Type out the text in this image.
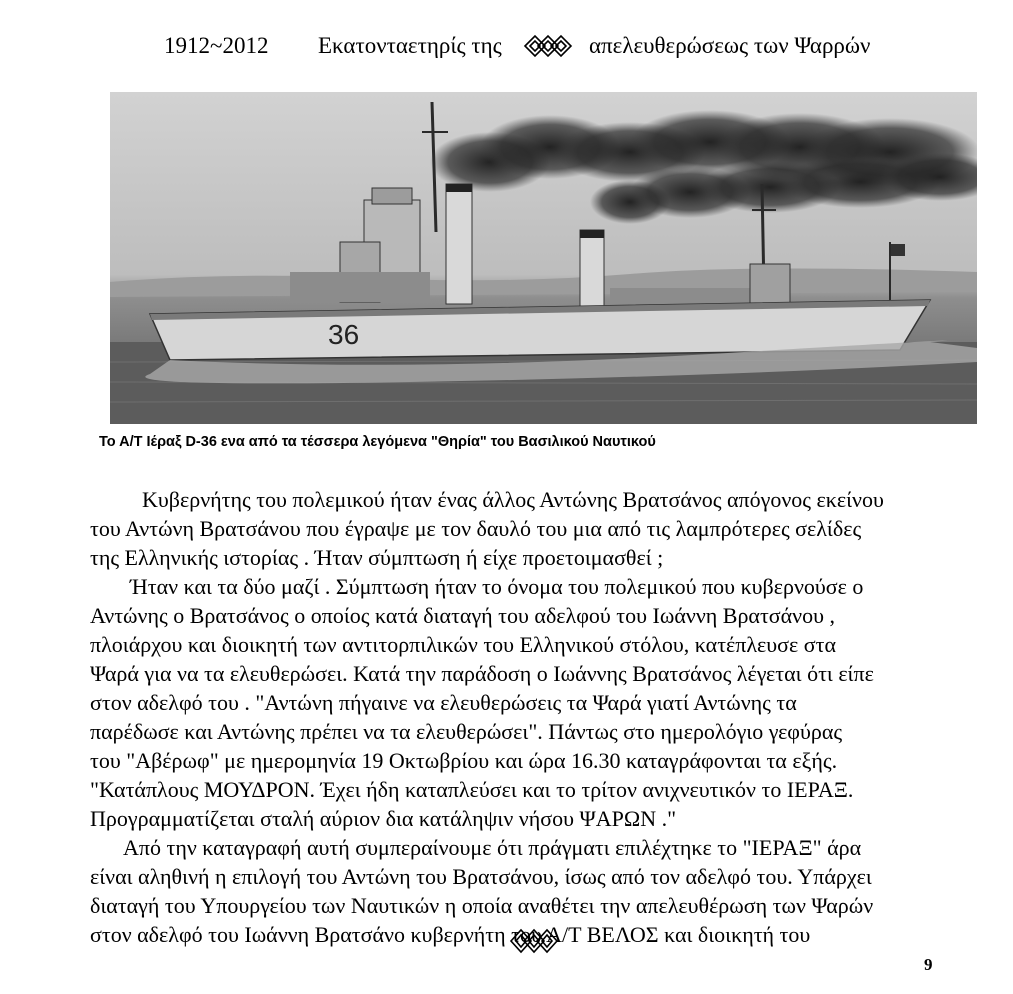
1912~2012 Εκατονταετηρίς της	απελευθερώσεως των Ψαρρών
36
Το Α/Τ Ιέραξ D-36 ενα από τα τέσσερα λεγόμενα "Θηρία" του Βασιλικού Ναυτικού
Κυβερνήτης του πολεμικού ήταν ένας άλλος Αντώνης Βρατσάνος απόγονος εκείνου
του Αντώνη Βρατσάνου που έγραψε με τον δαυλό του μια από τις λαμπρότερες σελίδες
της Ελληνικής ιστορίας . Ήταν σύμπτωση ή είχε προετοιμασθεί ;
Ήταν και τα δύο μαζί . Σύμπτωση ήταν το όνομα του πολεμικού που κυβερνούσε ο
Αντώνης ο Βρατσάνος ο οποίος κατά διαταγή του αδελφού του Ιωάννη Βρατσάνου ,
πλοιάρχου και διοικητή των αντιτορπιλικών του Ελληνικού στόλου, κατέπλευσε στα
Ψαρά για να τα ελευθερώσει. Κατά την παράδοση ο Ιωάννης Βρατσάνος λέγεται ότι είπε
στον αδελφό του . "Αντώνη πήγαινε να ελευθερώσεις τα Ψαρά γιατί Αντώνης τα
παρέδωσε και Αντώνης πρέπει να τα ελευθερώσει". Πάντως στο ημερολόγιο γεφύρας
του "Αβέρωφ" με ημερομηνία 19 Οκτωβρίου και ώρα 16.30 καταγράφονται τα εξής.
"Κατάπλους ΜΟΥΔΡΟΝ. Έχει ήδη καταπλεύσει και το τρίτον ανιχνευτικόν το ΙΕΡΑΞ.
Προγραμματίζεται σταλή αύριον δια κατάληψιν νήσου ΨΑΡΩΝ ."
Από την καταγραφή αυτή συμπεραίνουμε ότι πράγματι επιλέχτηκε το "ΙΕΡΑΞ" άρα
είναι αληθινή η επιλογή του Αντώνη του Βρατσάνου, ίσως από τον αδελφό του. Υπάρχει
διαταγή του Υπουργείου των Ναυτικών η οποία αναθέτει την απελευθέρωση των Ψαρών
στον αδελφό του Ιωάννη Βρατσάνο κυβερνήτη του Α/Τ ΒΕΛΟΣ και διοικητή του
9
